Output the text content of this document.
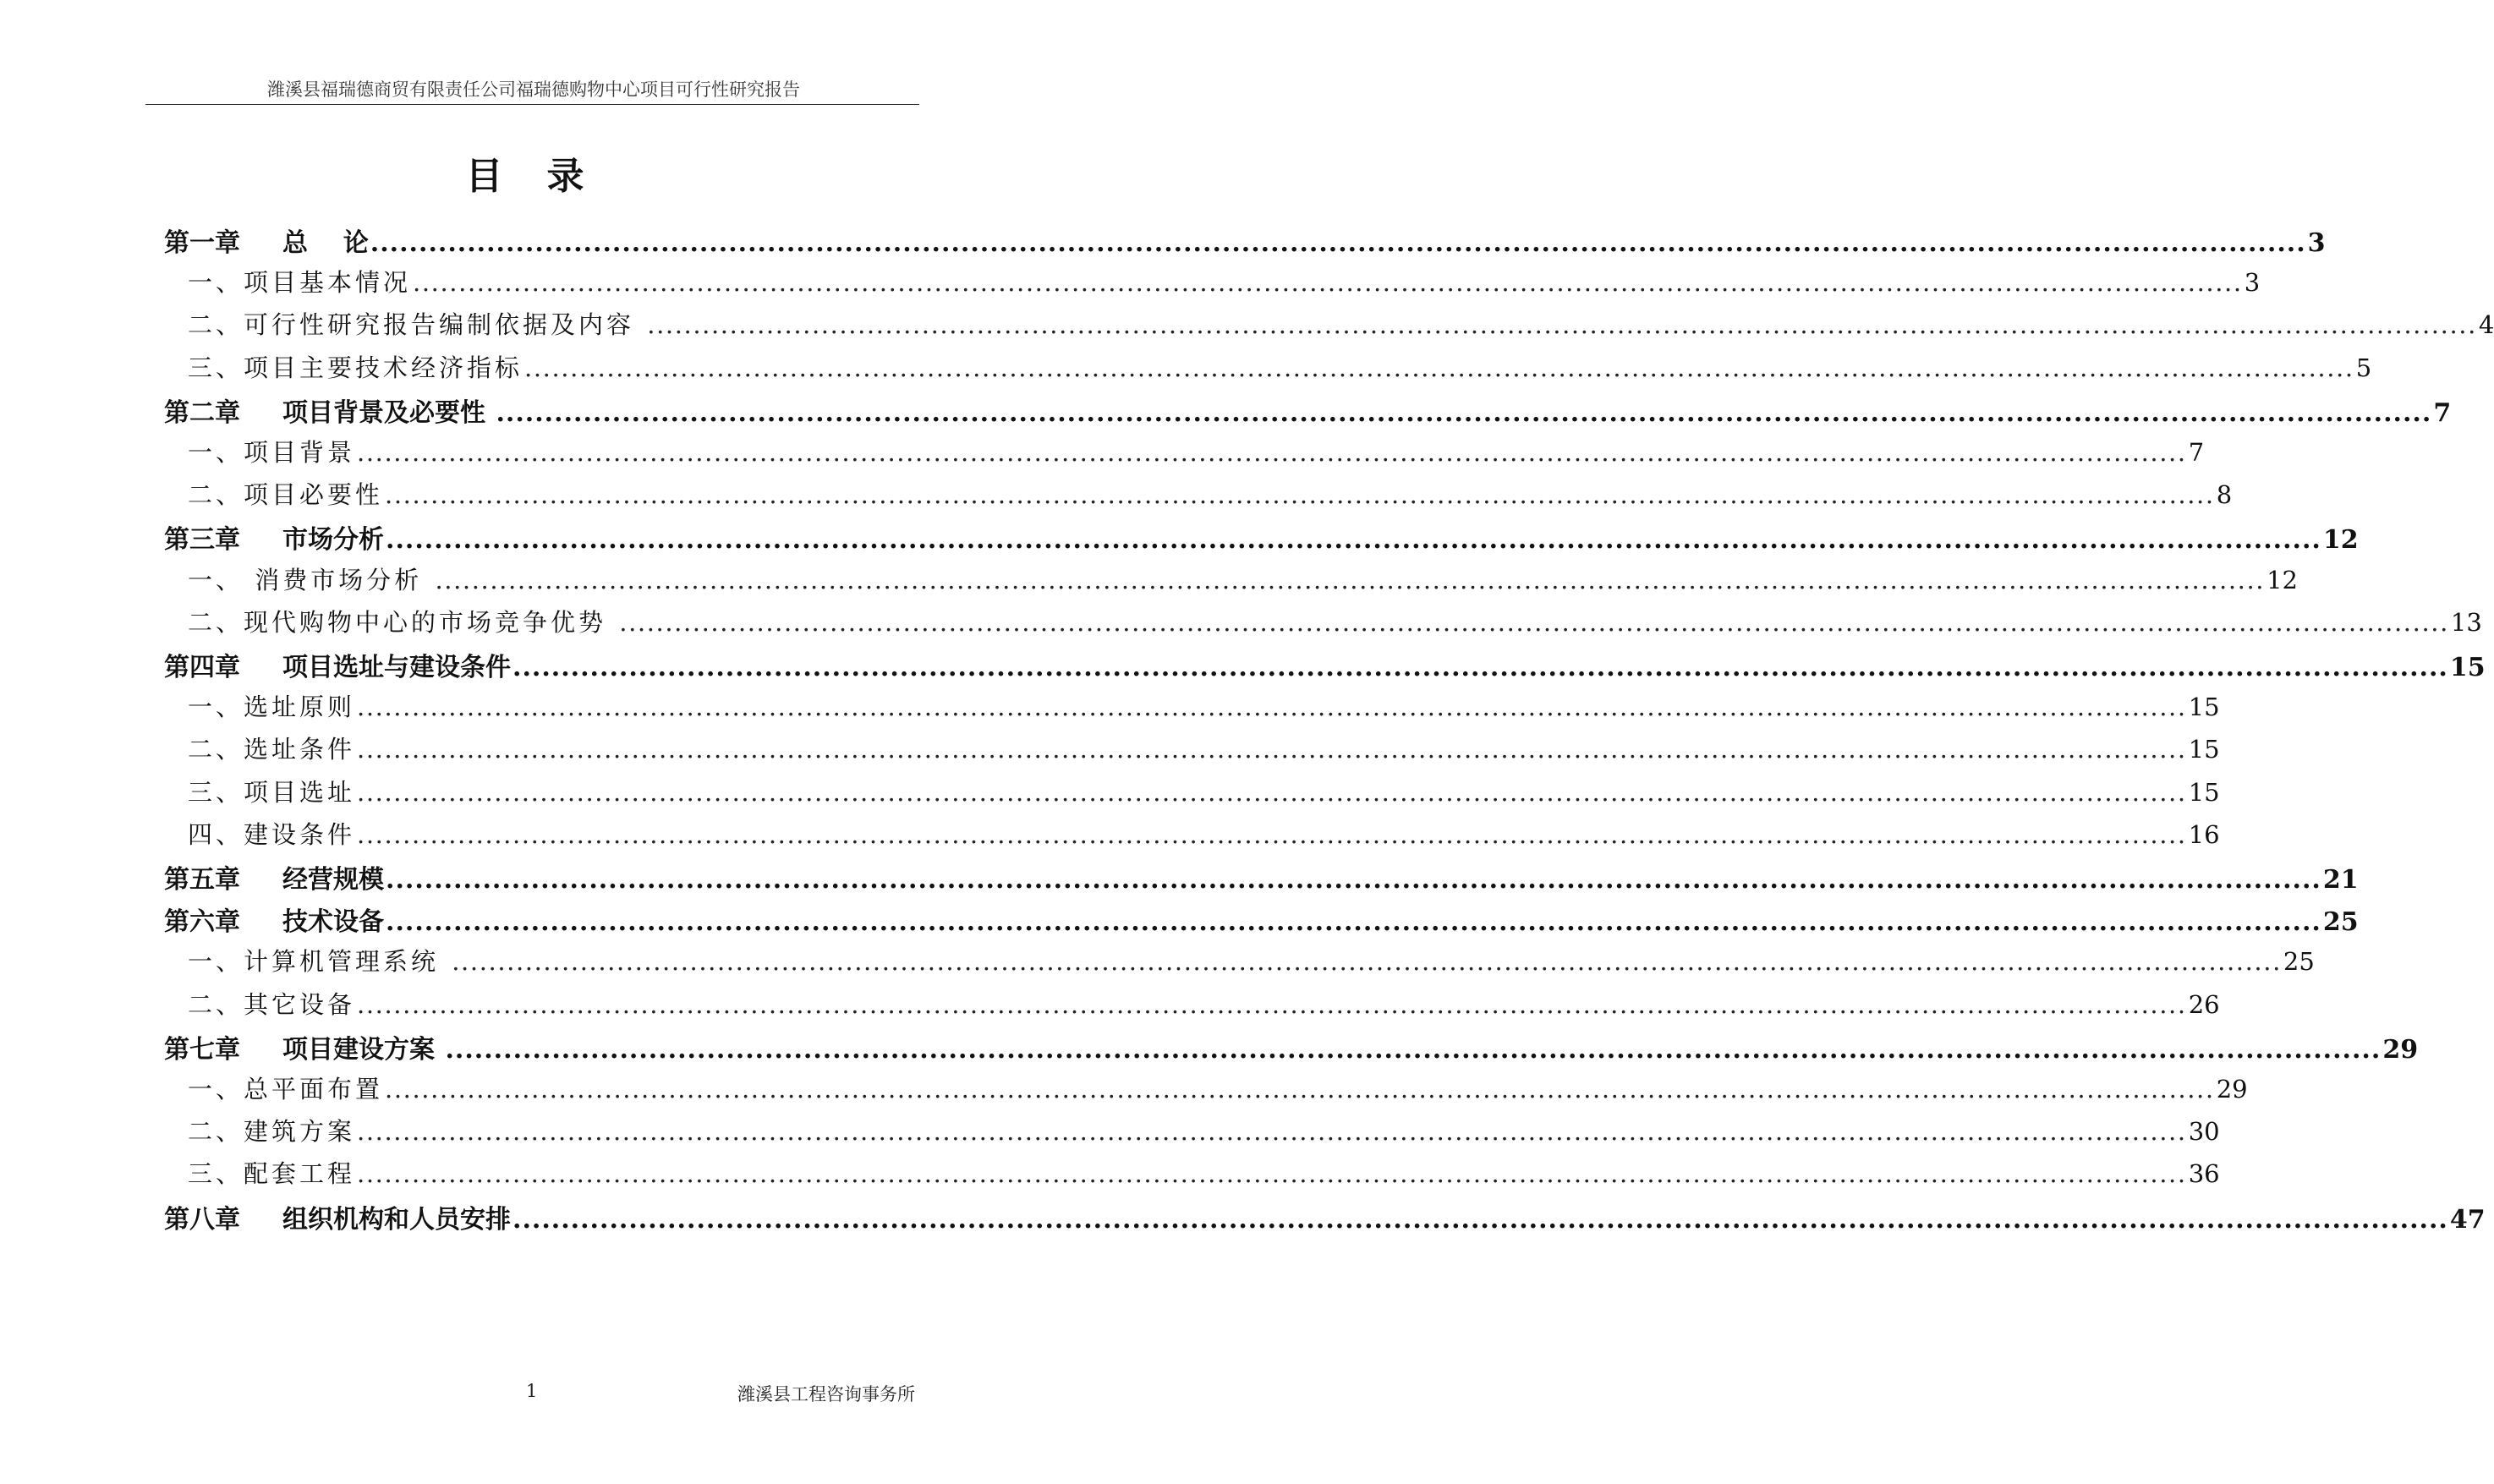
潍溪县福瑞德商贸有限责任公司福瑞德购物中心项目可行性研究报告
目录
第一章	总    论 ........................................................................................................................................................................................................ 3
一、 项目基本情况 ........................................................................................................................................................................................................ 3
二、 可行性研究报告编制依据及内容 ........................................................................................................................................................................................................ 4
三、 项目主要技术经济指标 ........................................................................................................................................................................................................ 5
第二章	项目背景及必要性 ........................................................................................................................................................................................................ 7
一、 项目背景 ........................................................................................................................................................................................................ 7
二、 项目必要性 ........................................................................................................................................................................................................ 8
第三章	市场分析 ........................................................................................................................................................................................................ 12
一、 消费市场分析 ........................................................................................................................................................................................................ 12
二、 现代购物中心的市场竞争优势 ........................................................................................................................................................................................................ 13
第四章	项目选址与建设条件 ........................................................................................................................................................................................................ 15
一、 选址原则 ........................................................................................................................................................................................................ 15
二、 选址条件 ........................................................................................................................................................................................................ 15
三、 项目选址 ........................................................................................................................................................................................................ 15
四、 建设条件 ........................................................................................................................................................................................................ 16
第五章	经营规模 ........................................................................................................................................................................................................ 21
第六章	技术设备 ........................................................................................................................................................................................................ 25
一、 计算机管理系统 ........................................................................................................................................................................................................ 25
二、 其它设备 ........................................................................................................................................................................................................ 26
第七章	项目建设方案 ........................................................................................................................................................................................................ 29
一、 总平面布置 ........................................................................................................................................................................................................ 29
二、 建筑方案 ........................................................................................................................................................................................................ 30
三、 配套工程 ........................................................................................................................................................................................................ 36
第八章	组织机构和人员安排 ........................................................................................................................................................................................................ 47
1	潍溪县工程咨询事务所
